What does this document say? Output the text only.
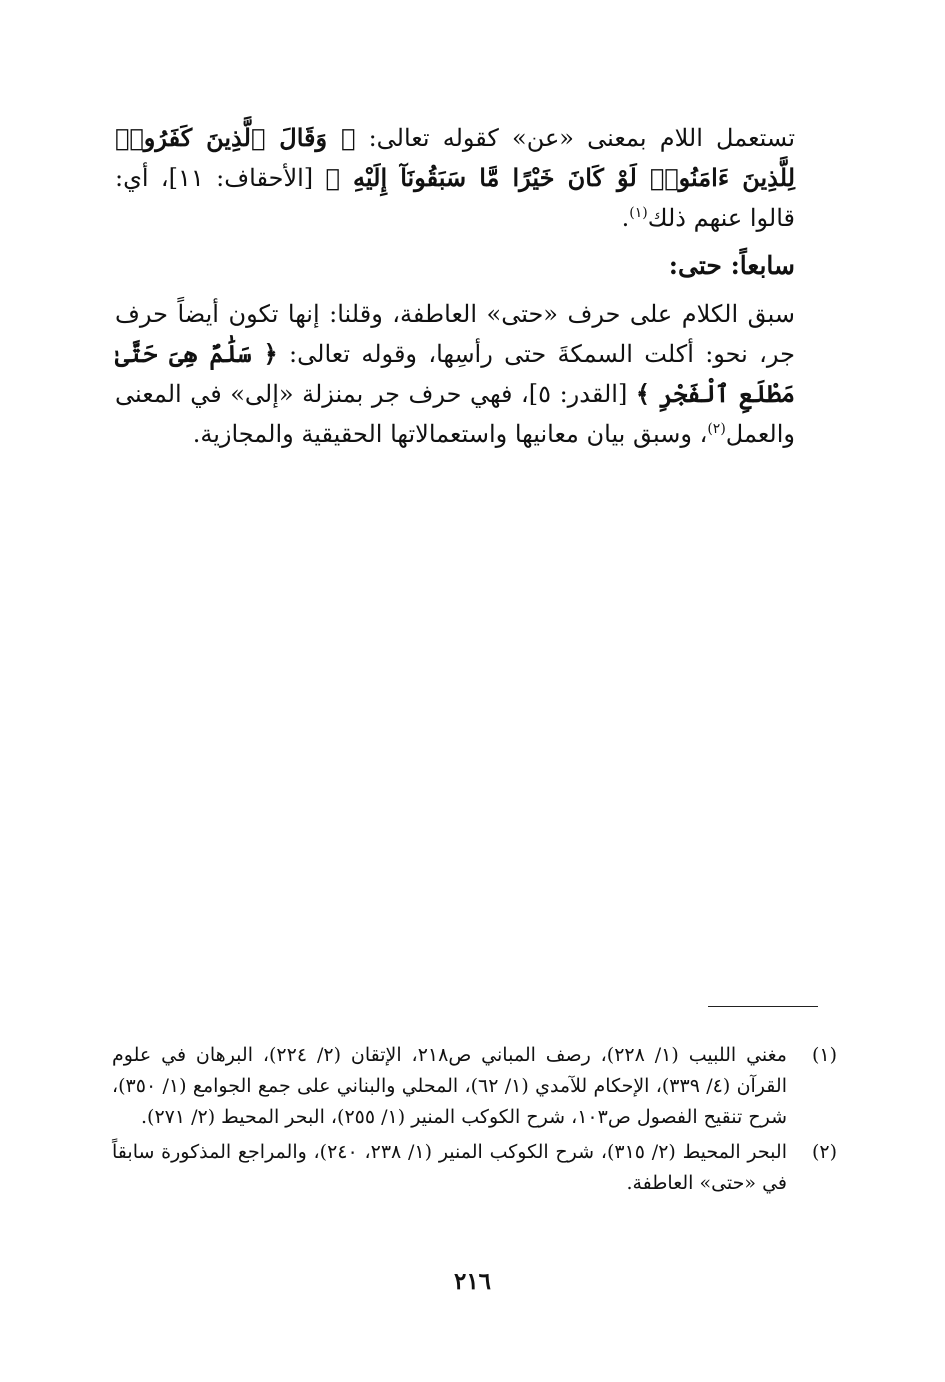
تستعمل اللام بمعنى «عن» كقوله تعالى: ﴿ وَقَالَ ٱلَّذِينَ كَفَرُوا۟ لِلَّذِينَ ءَامَنُوا۟ لَوْ كَانَ خَيْرًا مَّا سَبَقُونَآ إِلَيْهِ ﴾ [الأحقاف: ١١]، أي: قالوا عنهم ذلك$^{(١)}$.

سابعاً: حتى:

سبق الكلام على حرف «حتى» العاطفة، وقلنا: إنها تكون أيضاً حرف جر، نحو: أكلت السمكةَ حتى رأسِها، وقوله تعالى: ﴿ سَلَٰمٌ هِىَ حَتَّىٰ مَطْلَعِ ٱلْفَجْرِ ﴾ [القدر: ٥]، فهي حرف جر بمنزلة «إلى» في المعنى والعمل$^{(٢)}$، وسبق بيان معانيها واستعمالاتها الحقيقية والمجازية.

(١)
مغني اللبيب (١/ ٢٢٨)، رصف المباني ص٢١٨، الإتقان (٢/ ٢٢٤)، البرهان في علوم القرآن (٤/ ٣٣٩)، الإحكام للآمدي (١/ ٦٢)، المحلي والبناني على جمع الجوامع (١/ ٣٥٠)، شرح تنقيح الفصول ص١٠٣، شرح الكوكب المنير (١/ ٢٥٥)، البحر المحيط (٢/ ٢٧١).
(٢)
البحر المحيط (٢/ ٣١٥)، شرح الكوكب المنير (١/ ٢٣٨، ٢٤٠)، والمراجع المذكورة سابقاً في «حتى» العاطفة.
٢١٦
